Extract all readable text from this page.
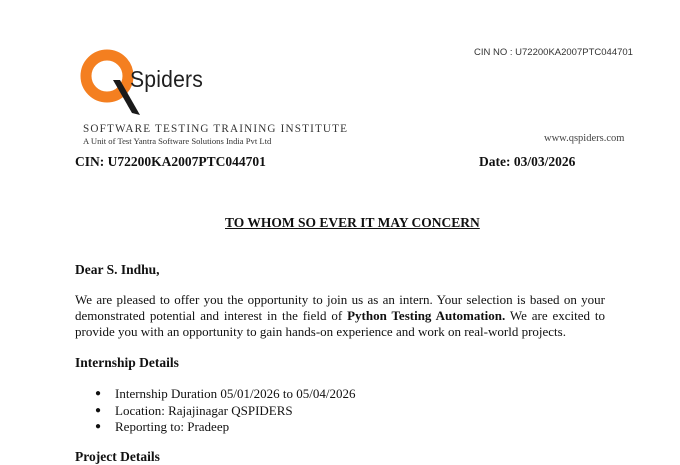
Spiders
SOFTWARE TESTING TRAINING INSTITUTE
A Unit of Test Yantra Software Solutions India Pvt Ltd
CIN NO : U72200KA2007PTC044701
www.qspiders.com
CIN: U72200KA2007PTC044701	Date: 03/03/2026
TO WHOM SO EVER IT MAY CONCERN
Dear S. Indhu,
We are pleased to offer you the opportunity to join us as an intern. Your selection is based on your demonstrated potential and interest in the field of Python Testing Automation. We are excited to provide you with an opportunity to gain hands-on experience and work on real-world projects.
Internship Details
● Internship Duration 05/01/2026 to 05/04/2026
● Location: Rajajinagar QSPIDERS
● Reporting to: Pradeep
Project Details
